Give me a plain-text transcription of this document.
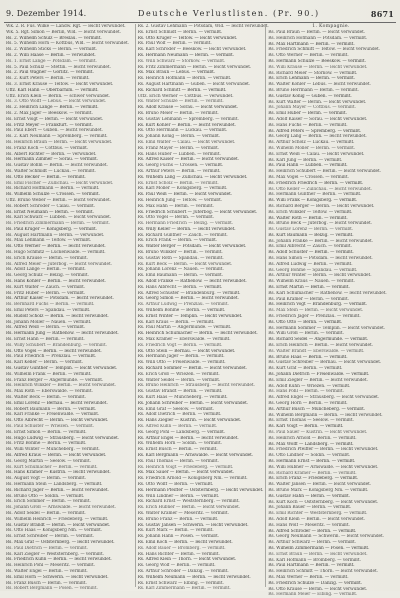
9. Dezember 1914.	Deutsche Verlustlisten. (Pr. 90.)	8671
Wk. 2. R. Fus. Wilke — Landw. Rgt. — leicht verwundet.
Wk. 5. Rgt. Simon — Berlin, Wld. — leicht verwundet.
Rs. 2. Wilhelm Schulz — Breslau. — vermißt.
Rs. 5. Wilhelm Horn — Kottbus, Wld. — leicht verwundet.
Rs. 2. Wilhelm Sticks — Berlin. — vermißt.
Rs. 2. Willi Haase — Berlin. — verwundet.
Rs. 1. Ernst Lange — Potsdam. — vermißt.
Rs. 5. Paul Schulz — Stettin. — leicht verwundet.
Rs. 2. Paul Wagner — Görlitz. — vermißt.
Rs. 2. Kurt Peters — Berlin. — vermißt.
Rs. 3. Ernst Krause — Teltow. — leicht verwundet.
Uffz. Karl Hahn — Oberbarnim. — vermißt.
Uffz. Erich Klein — Berlin. — schwer verwundet.
Rs. 3. Otto Wolff — Lebus. — leicht verwundet.
Rs. 2. Heinrich Lange — Berlin. — vermißt.
Rs. 2. Max Jäger — Beeskow. — vermißt.
Rs. Ernst Voigt — Berlin. — leicht verwundet.
Rs. Fritz Meyer — Frankfurt. — vermißt.
Rs. Paul Ebert — Guben. — leicht verwundet.
Rs. 2. Karl Neumann — Spremberg. — vermißt.
Rs. Heinrich Braun — Berlin. — leicht verwundet.
Rs. Franz Koch — Cottbus. — vermißt.
Rs. Albert Richter — Berlin. — verwundet.
Rs. Hermann Zimmer — Sorau. — vermißt.
Rs. Gustav Böhm — Berlin. — leicht verwundet.
Rs. Walter Schmidt — Luckau. — vermißt.
Rs. Otto Becker — Berlin. — vermißt.
Rs. Emil Fischer — Züllichau. — leicht verwundet.
Rs. Richard Hoffmann — Berlin. — vermißt.
Rs. Wilhelm Schulze — Crossen. — vermißt.
Uffz. Bruno Weber — Berlin. — leicht verwundet.
Rs. Robert Schröder — Calau. — vermißt.
Rs. Ernst Neumann — Berlin. — vermißt.
Rs. Karl Schwarz — Lübben. — leicht verwundet.
Rs. Friedrich Zimmermann — Berlin. — vermißt.
Rs. Paul Krüger — Königsberg. — vermißt.
Rs. August Hartmann — Berlin. — verwundet.
Rs. Max Lehmann — Teltow. — vermißt.
Rs. Otto Werner — Berlin. — leicht verwundet.
Rs. Hugo Schmitz — Luckenwalde. — vermißt.
Rs. Erich Krause — Berlin. — vermißt.
Rs. Alfred Meier — Jüterbog. — leicht verwundet.
Rs. Adolf Lange — Berlin. — vermißt.
Rs. Georg Schulz — Belzig. — vermißt.
Rs. Hans Köhler — Berlin. — leicht verwundet.
Rs. Kurt Walter — Zauch. — vermißt.
Rs. Fritz Huber — Berlin. — vermißt.
Rs. Arthur Kaiser — Potsdam. — leicht verwundet.
Rs. Bernhard Fuchs — Berlin. — vermißt.
Rs. Emil Peters — Spandau. — vermißt.
Rs. Rudolf Scholz — Berlin. — leicht verwundet.
Rs. Johann Möller — Nauen. — vermißt.
Rs. Alfred Weiß — Berlin. — vermißt.
Rs. Hermann Jung — Rathenow. — leicht verwundet.
Rs. Ernst Hahn — Berlin. — vermißt.
Rs. Willy Schubert — Brandenburg. — vermißt.
Rs. Otto Vogel — Berlin. — leicht verwundet.
Rs. Paul Friedrich — Prenzlau. — vermißt.
Rs. Karl Keller — Berlin. — vermißt.
Rs. Gustav Günther — Templin. — leicht verwundet.
Rs. Wilhelm Frank — Berlin. — vermißt.
Rs. Franz Berger — Angermünde. — vermißt.
Rs. Heinrich Winkler — Berlin. — leicht verwundet.
Rs. Max Roth — Eberswalde. — vermißt.
Rs. Walter Beck — Berlin. — vermißt.
Rs. Emil Lorenz — Bernau. — leicht verwundet.
Rs. Robert Baumann — Berlin. — vermißt.
Rs. Karl Franke — Freienwalde. — vermißt.
Rs. Otto Albrecht — Berlin. — leicht verwundet.
Rs. Paul Schuster — Wriezen. — vermißt.
Rs. Ernst Simon — Berlin. — vermißt.
Rs. Hugo Ludwig — Strausberg. — leicht verwundet.
Rs. Fritz Böhme — Berlin. — vermißt.
Rs. Willi Winter — Müncheberg. — vermißt.
Rs. Alfred Kraus — Berlin. — leicht verwundet.
Rs. Georg Martin — Seelow. — vermißt.
Rs. Kurt Schumacher — Berlin. — vermißt.
Rs. Hans Krämer — Küstrin. — leicht verwundet.
Rs. August Vogt — Berlin. — vermißt.
Rs. Hermann Stein — Landsberg. — vermißt.
Rs. Richard Jäger — Berlin. — leicht verwundet.
Rs. Bruno Otto — Soldin. — vermißt.
Rs. Erich Sommer — Berlin. — vermißt.
Rs. Johann Groß — Arnswalde. — leicht verwundet.
Rs. Adolf Seidel — Berlin. — vermißt.
Rs. Wilhelm Heinrich — Friedeberg. — vermißt.
Rs. Gustav Brandt — Berlin. — leicht verwundet.
Rs. Otto Haas — Königsberg Nm. — vermißt.
Rs. Ernst Schreiber — Berlin. — vermißt.
Rs. Max Graf — Oststernberg. — leicht verwundet.
Rs. Paul Dietrich — Berlin. — vermißt.
Rs. Karl Ziegler — Weststernberg. — vermißt.
Rs. Friedrich Kuhn — Berlin. — leicht verwundet.
Rs. Heinrich Pohl — Meseritz. — vermißt.
Rs. Walter Engel — Berlin. — vermißt.
Rs. Emil Horn — Schwerin. — leicht verwundet.
Rs. Franz Busch — Berlin. — vermißt.
Rs. Robert Bergmann — Posen. — vermißt.
Rs. 2. Gustav Lehmann — Potsdam, Wld. — leicht verwundet.
Rs. Ernst Schmidt — Berlin. — vermißt.
Rs. Otto Krüger — Teltow. — leicht verwundet.
Rs. Paul Wolf — Berlin. — vermißt.
Rs. Karl Schröder — Beeskow. — leicht verwundet.
Rs. Hermann Neumann — Berlin. — vermißt.
Rs. Willi Schwarz — Storkow. — vermißt.
Rs. Fritz Zimmermann — Berlin. — leicht verwundet.
Rs. Max Braun — Lebus. — vermißt.
Rs. Heinrich Hofmann — Berlin. — vermißt.
Rs. August Hartmann — Guben. — leicht verwundet.
Rs. Richard Schmitt — Berlin. — vermißt.
Uffz. Erich Werner — Cottbus. — verwundet.
Rs. Walter Schulze — Berlin. — vermißt.
Rs. Adolf Krause — Sorau. — leicht verwundet.
Rs. Bruno Meier — Berlin. — vermißt.
Rs. Gustav Lehmann — Spremberg. — vermißt.
Rs. Kurt Köhler — Berlin. — leicht verwundet.
Rs. Otto Herrmann — Luckau. — vermißt.
Rs. Johann König — Berlin. — vermißt.
Rs. Emil Walter — Calau. — leicht verwundet.
Rs. Franz Mayer — Berlin. — vermißt.
Rs. Hans Huber — Lübben. — vermißt.
Rs. Alfred Kaiser — Berlin. — leicht verwundet.
Rs. Georg Fuchs — Crossen. — vermißt.
Rs. Arthur Peters — Berlin. — vermißt.
Rs. Wilhelm Lang — Züllichau. — leicht verwundet.
Rs. Ernst Scholz — Berlin. — vermißt.
Rs. Karl Möller — Königsberg. — vermißt.
Rs. Paul Weiß — Berlin. — leicht verwundet.
Rs. Heinrich Jung — Teltow. — vermißt.
Rs. Max Hahn — Berlin. — vermißt.
Rs. Friedrich Schubert — Jüterbog. — leicht verwundet.
Rs. Otto Vogel — Berlin. — vermißt.
Rs. Hermann Friedrich — Belzig. — vermißt.
Rs. Willy Keller — Berlin. — leicht verwundet.
Rs. Richard Günther — Zauch. — vermißt.
Rs. Erich Frank — Berlin. — vermißt.
Rs. Walter Berger — Potsdam. — leicht verwundet.
Rs. Bruno Winkler — Berlin. — vermißt.
Rs. Gustav Roth — Spandau. — vermißt.
Rs. Kurt Beck — Berlin. — leicht verwundet.
Rs. Johann Lorenz — Nauen. — vermißt.
Rs. Emil Baumann — Berlin. — vermißt.
Rs. Adolf Franke — Rathenow. — leicht verwundet.
Rs. Hans Albrecht — Berlin. — vermißt.
Rs. Alfred Schuster — Brandenburg. — vermißt.
Rs. Georg Simon — Berlin. — leicht verwundet.
Rs. Arthur Ludwig — Prenzlau. — vermißt.
Rs. Wilhelm Böhme — Berlin. — vermißt.
Rs. Ernst Winter — Templin. — leicht verwundet.
Rs. Karl Kraus — Berlin. — vermißt.
Rs. Paul Martin — Angermünde. — vermißt.
Rs. Heinrich Schumacher — Berlin. — leicht verwundet.
Rs. Max Krämer — Eberswalde. — vermißt.
Rs. Friedrich Vogt — Berlin. — vermißt.
Rs. Otto Stein — Bernau. — leicht verwundet.
Rs. Hermann Jäger — Berlin. — vermißt.
Rs. Willi Otto — Freienwalde. — vermißt.
Rs. Richard Sommer — Berlin. — leicht verwundet.
Rs. Erich Groß — Wriezen. — vermißt.
Rs. Walter Seidel — Berlin. — vermißt.
Rs. Bruno Heinrich — Strausberg. — leicht verwundet.
Rs. Gustav Brandt — Berlin. — vermißt.
Rs. Kurt Haas — Müncheberg. — vermißt.
Rs. Johann Schreiber — Berlin. — leicht verwundet.
Rs. Emil Graf — Seelow. — vermißt.
Rs. Adolf Dietrich — Berlin. — vermißt.
Rs. Hans Ziegler — Küstrin. — leicht verwundet.
Rs. Alfred Kuhn — Berlin. — vermißt.
Rs. Georg Pohl — Landsberg. — vermißt.
Rs. Arthur Engel — Berlin. — leicht verwundet.
Rs. Wilhelm Horn — Soldin. — vermißt.
Rs. Ernst Busch — Berlin. — vermißt.
Rs. Karl Bergmann — Arnswalde. — leicht verwundet.
Rs. Paul Thomas — Berlin. — vermißt.
Rs. Heinrich Voigt — Friedeberg. — vermißt.
Rs. Max Sauer — Berlin. — leicht verwundet.
Rs. Friedrich Arnold — Königsberg Nm. — vermißt.
Rs. Otto Wolff — Berlin. — vermißt.
Rs. Hermann Pfeiffer — Oststernberg. — leicht verwundet.
Rs. Willi Lindner — Berlin. — vermißt.
Rs. Richard Ernst — Weststernberg. — vermißt.
Rs. Erich Hübner — Berlin. — leicht verwundet.
Rs. Walter Kramer — Meseritz. — vermißt.
Rs. Bruno Franz — Berlin. — vermißt.
Rs. Gustav Jansen — Schwerin. — leicht verwundet.
Rs. Kurt Marx — Berlin. — vermißt.
Rs. Johann Hahn — Posen. — vermißt.
Rs. Emil Koch — Berlin. — leicht verwundet.
Rs. Adolf Bauer — Bromberg. — vermißt.
Rs. Hans Richter — Berlin. — vermißt.
Rs. Alfred Klein — Thorn. — leicht verwundet.
Rs. Georg Wolf — Berlin. — vermißt.
Rs. Arthur Schröder — Danzig. — vermißt.
Rs. Wilhelm Neumann — Berlin. — leicht verwundet.
Rs. Ernst Schwarz — Elbing. — vermißt.
Rs. Karl Zimmermann — Berlin. — vermißt.
1. Kompagnie.
Rs. Paul Braun — Berlin. — leicht verwundet.
Rs. Heinrich Hofmann — Potsdam. — vermißt.
Rs. Max Hartmann — Berlin. — vermißt.
Rs. Friedrich Schmitt — Teltow. — leicht verwundet.
Rs. Otto Werner — Berlin. — vermißt.
Rs. Hermann Schulze — Beeskow. — vermißt.
Rs. Willi Krause — Berlin. — leicht verwundet.
Rs. Richard Meier — Storkow. — vermißt.
Rs. Erich Lehmann — Berlin. — vermißt.
Rs. Walter Köhler — Lebus. — leicht verwundet.
Rs. Bruno Herrmann — Berlin. — vermißt.
Rs. Gustav König — Guben. — vermißt.
Rs. Kurt Walter — Berlin. — leicht verwundet.
Rs. Johann Mayer — Cottbus. — vermißt.
Rs. Emil Huber — Berlin. — vermißt.
Rs. Adolf Kaiser — Sorau. — leicht verwundet.
Rs. Hans Fuchs — Berlin. — vermißt.
Rs. Alfred Peters — Spremberg. — vermißt.
Rs. Georg Lang — Berlin. — leicht verwundet.
Rs. Arthur Scholz — Luckau. — vermißt.
Rs. Wilhelm Möller — Berlin. — vermißt.
Rs. Ernst Weiß — Calau. — leicht verwundet.
Rs. Karl Jung — Berlin. — vermißt.
Rs. Paul Hahn — Lübben. — vermißt.
Rs. Heinrich Schubert — Berlin. — leicht verwundet.
Rs. Max Vogel — Crossen. — vermißt.
Rs. Friedrich Friedrich — Berlin. — vermißt.
Rs. Otto Keller — Züllichau. — leicht verwundet.
Rs. Hermann Günther — Berlin. — vermißt.
Rs. Willi Frank — Königsberg. — vermißt.
Rs. Richard Berger — Berlin. — leicht verwundet.
Rs. Erich Winkler — Teltow. — vermißt.
Rs. Walter Roth — Berlin. — vermißt.
Rs. Bruno Beck — Jüterbog. — leicht verwundet.
Rs. Gustav Lorenz — Berlin. — vermißt.
Rs. Kurt Baumann — Belzig. — vermißt.
Rs. Johann Franke — Berlin. — leicht verwundet.
Rs. Emil Albrecht — Zauch. — vermißt.
Rs. Adolf Schuster — Berlin. — vermißt.
Rs. Hans Simon — Potsdam. — leicht verwundet.
Rs. Alfred Ludwig — Berlin. — vermißt.
Rs. Georg Böhme — Spandau. — vermißt.
Rs. Arthur Winter — Berlin. — leicht verwundet.
Rs. Wilhelm Kraus — Nauen. — vermißt.
Rs. Ernst Martin — Berlin. — vermißt.
Rs. Karl Schumacher — Rathenow. — leicht verwundet.
Rs. Paul Krämer — Berlin. — vermißt.
Rs. Heinrich Vogt — Brandenburg. — vermißt.
Rs. Max Stein — Berlin. — leicht verwundet.
Rs. Friedrich Jäger — Prenzlau. — vermißt.
Rs. Otto Otto — Berlin. — vermißt.
Rs. Hermann Sommer — Templin. — leicht verwundet.
Rs. Willi Groß — Berlin. — vermißt.
Rs. Richard Seidel — Angermünde. — vermißt.
Rs. Erich Heinrich — Berlin. — leicht verwundet.
Rs. Walter Brandt — Eberswalde. — vermißt.
Rs. Bruno Haas — Berlin. — vermißt.
Rs. Gustav Schreiber — Bernau. — leicht verwundet.
Rs. Kurt Graf — Berlin. — vermißt.
Rs. Johann Dietrich — Freienwalde. — vermißt.
Rs. Emil Ziegler — Berlin. — leicht verwundet.
Rs. Adolf Kuhn — Wriezen. — vermißt.
Rs. Hans Pohl — Berlin. — vermißt.
Rs. Alfred Engel — Strausberg. — leicht verwundet.
Rs. Georg Horn — Berlin. — vermißt.
Rs. Arthur Busch — Müncheberg. — vermißt.
Rs. Wilhelm Bergmann — Berlin. — leicht verwundet.
Rs. Ernst Thomas — Seelow. — vermißt.
Rs. Karl Voigt — Berlin. — vermißt.
Rs. Paul Sauer — Küstrin. — leicht verwundet.
Rs. Heinrich Arnold — Berlin. — vermißt.
Rs. Max Wolff — Landsberg. — vermißt.
Rs. Friedrich Pfeiffer — Berlin. — leicht verwundet.
Rs. Otto Lindner — Soldin. — vermißt.
Rs. Hermann Ernst — Berlin. — vermißt.
Rs. Willi Hübner — Arnswalde. — leicht verwundet.
Rs. Richard Kramer — Berlin. — vermißt.
Rs. Erich Franz — Friedeberg. — vermißt.
Rs. Walter Jansen — Berlin. — leicht verwundet.
Rs. Bruno Marx — Königsberg Nm. — vermißt.
Rs. Gustav Hahn — Berlin. — vermißt.
Rs. Kurt Koch — Oststernberg. — leicht verwundet.
Rs. Johann Bauer — Berlin. — vermißt.
Rs. Emil Richter — Weststernberg. — vermißt.
Rs. Adolf Klein — Berlin. — leicht verwundet.
Rs. Hans Wolf — Meseritz. — vermißt.
Rs. Alfred Schröder — Berlin. — vermißt.
Rs. Georg Neumann — Schwerin. — leicht verwundet.
Rs. Arthur Schwarz — Berlin. — vermißt.
Rs. Wilhelm Zimmermann — Posen. — vermißt.
Rs. Ernst Braun — Berlin. — leicht verwundet.
Rs. Karl Hofmann — Bromberg. — vermißt.
Rs. Paul Hartmann — Berlin. — vermißt.
Rs. Heinrich Schmitt — Thorn. — leicht verwundet.
Rs. Max Werner — Berlin. — vermißt.
Rs. Friedrich Schulze — Danzig. — vermißt.
Rs. Otto Krause — Berlin. — leicht verwundet.
Rs. Hermann Meier — Elbing. — vermißt.
